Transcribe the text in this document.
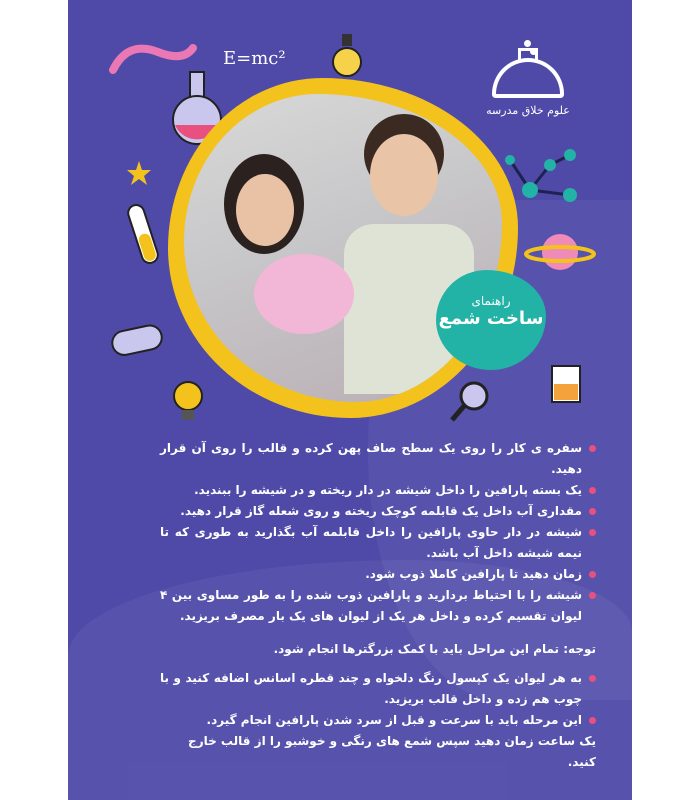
E=mc²
علوم خلاق مدرسه
راهنمای
ساخت شمع
سفره ی کار را روی یک سطح صاف پهن کرده و قالب را روی آن قرار دهید.
یک بسته پارافین را داخل شیشه در دار ریخته و در شیشه را ببندید.
مقداری آب داخل یک قابلمه کوچک ریخته و روی شعله گاز قرار دهید.
شیشه در دار حاوی پارافین را داخل قابلمه آب بگذارید به طوری که تا نیمه شیشه داخل آب باشد.
زمان دهید تا پارافین کاملا ذوب شود.
شیشه را با احتیاط بردارید و پارافین ذوب شده را به طور مساوی بین ۴ لیوان تقسیم کرده و داخل هر یک از لیوان های یک بار مصرف بریزید.
توجه: تمام این مراحل باید با کمک بزرگترها انجام شود.
به هر لیوان یک کپسول رنگ دلخواه و چند قطره اسانس اضافه کنید و با چوب هم زده و داخل قالب بریزید.
این مرحله باید با سرعت و قبل از سرد شدن پارافین انجام گیرد.
یک ساعت زمان دهید سپس شمع های رنگی و خوشبو را از قالب خارج کنید.
